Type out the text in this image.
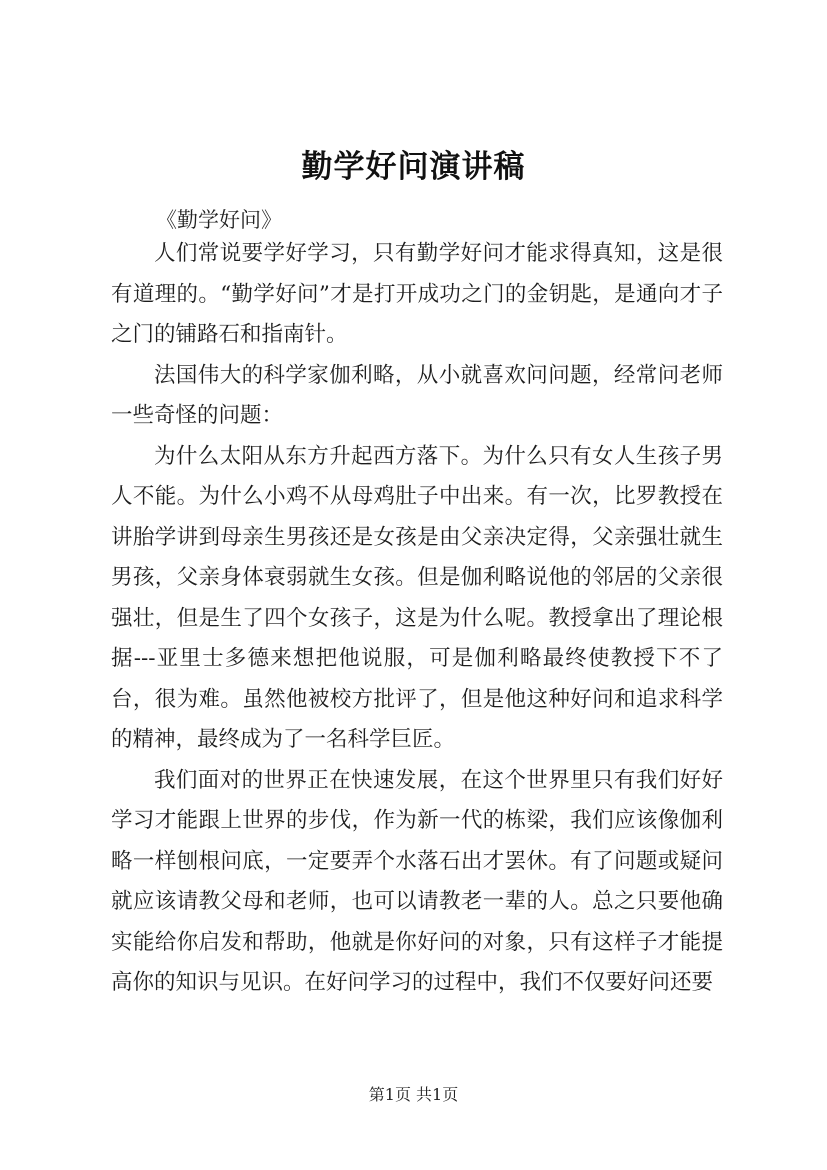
勤学好问演讲稿
《勤学好问》

人们常说要学好学习，只有勤学好问才能求得真知，这是很有道理的。“勤学好问”才是打开成功之门的金钥匙，是通向才子之门的铺路石和指南针。

法国伟大的科学家伽利略，从小就喜欢问问题，经常问老师一些奇怪的问题：

为什么太阳从东方升起西方落下。为什么只有女人生孩子男人不能。为什么小鸡不从母鸡肚子中出来。有一次，比罗教授在讲胎学讲到母亲生男孩还是女孩是由父亲决定得，父亲强壮就生男孩，父亲身体衰弱就生女孩。但是伽利略说他的邻居的父亲很强壮，但是生了四个女孩子，这是为什么呢。教授拿出了理论根据---亚里士多德来想把他说服，可是伽利略最终使教授下不了台，很为难。虽然他被校方批评了，但是他这种好问和追求科学的精神，最终成为了一名科学巨匠。

我们面对的世界正在快速发展，在这个世界里只有我们好好学习才能跟上世界的步伐，作为新一代的栋梁，我们应该像伽利略一样刨根问底，一定要弄个水落石出才罢休。有了问题或疑问就应该请教父母和老师，也可以请教老一辈的人。总之只要他确实能给你启发和帮助，他就是你好问的对象，只有这样子才能提高你的知识与见识。在好问学习的过程中，我们不仅要好问还要

第1页 共1页
